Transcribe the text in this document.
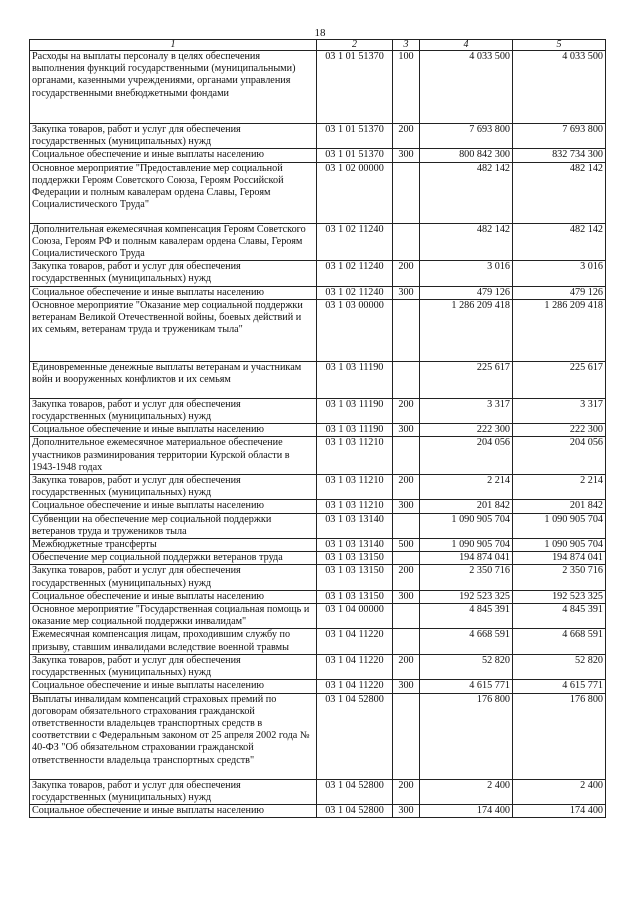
18
1	2	3	4	5
Расходы на выплаты персоналу в целях обеспечения выполнения функций государственными (муниципальными) органами, казенными учреждениями, органами управления государственными внебюджетными фондами	03 1 01 51370	100	4 033 500	4 033 500
Закупка товаров, работ и услуг для обеспечения государственных (муниципальных) нужд	03 1 01 51370	200	7 693 800	7 693 800
Социальное обеспечение и иные выплаты населению	03 1 01 51370	300	800 842 300	832 734 300
Основное мероприятие "Предоставление мер социальной поддержки Героям Советского Союза, Героям Российской Федерации и полным кавалерам ордена Славы, Героям Социалистического Труда"	03 1 02 00000		482 142	482 142
Дополнительная ежемесячная компенсация Героям Советского Союза, Героям РФ и полным кавалерам ордена Славы, Героям Социалистического Труда	03 1 02 11240		482 142	482 142
Закупка товаров, работ и услуг для обеспечения государственных (муниципальных) нужд	03 1 02 11240	200	3 016	3 016
Социальное обеспечение и иные выплаты населению	03 1 02 11240	300	479 126	479 126
Основное мероприятие "Оказание мер социальной поддержки ветеранам Великой Отечественной войны, боевых действий и их семьям, ветеранам труда и труженикам тыла"	03 1 03 00000		1 286 209 418	1 286 209 418
Единовременные денежные выплаты ветеранам и участникам войн и вооруженных конфликтов и их семьям	03 1 03 11190		225 617	225 617
Закупка товаров, работ и услуг для обеспечения государственных (муниципальных) нужд	03 1 03 11190	200	3 317	3 317
Социальное обеспечение и иные выплаты населению	03 1 03 11190	300	222 300	222 300
Дополнительное ежемесячное материальное обеспечение участников разминирования территории Курской области в 1943-1948 годах	03 1 03 11210		204 056	204 056
Закупка товаров, работ и услуг для обеспечения государственных (муниципальных) нужд	03 1 03 11210	200	2 214	2 214
Социальное обеспечение и иные выплаты населению	03 1 03 11210	300	201 842	201 842
Субвенции на обеспечение мер социальной поддержки ветеранов труда и тружеников тыла	03 1 03 13140		1 090 905 704	1 090 905 704
Межбюджетные трансферты	03 1 03 13140	500	1 090 905 704	1 090 905 704
Обеспечение мер социальной поддержки ветеранов труда	03 1 03 13150		194 874 041	194 874 041
Закупка товаров, работ и услуг для обеспечения государственных (муниципальных) нужд	03 1 03 13150	200	2 350 716	2 350 716
Социальное обеспечение и иные выплаты населению	03 1 03 13150	300	192 523 325	192 523 325
Основное мероприятие "Государственная социальная помощь и оказание мер социальной поддержки инвалидам"	03 1 04 00000		4 845 391	4 845 391
Ежемесячная компенсация лицам, проходившим службу по призыву, ставшим инвалидами вследствие военной травмы	03 1 04 11220		4 668 591	4 668 591
Закупка товаров, работ и услуг для обеспечения государственных (муниципальных) нужд	03 1 04 11220	200	52 820	52 820
Социальное обеспечение и иные выплаты населению	03 1 04 11220	300	4 615 771	4 615 771
Выплаты инвалидам компенсаций страховых премий по договорам обязательного страхования гражданской ответственности владельцев транспортных средств в соответствии с Федеральным законом от 25 апреля 2002 года № 40-ФЗ "Об обязательном страховании гражданской ответственности владельца транспортных средств"	03 1 04 52800		176 800	176 800
Закупка товаров, работ и услуг для обеспечения государственных (муниципальных) нужд	03 1 04 52800	200	2 400	2 400
Социальное обеспечение и иные выплаты населению	03 1 04 52800	300	174 400	174 400
